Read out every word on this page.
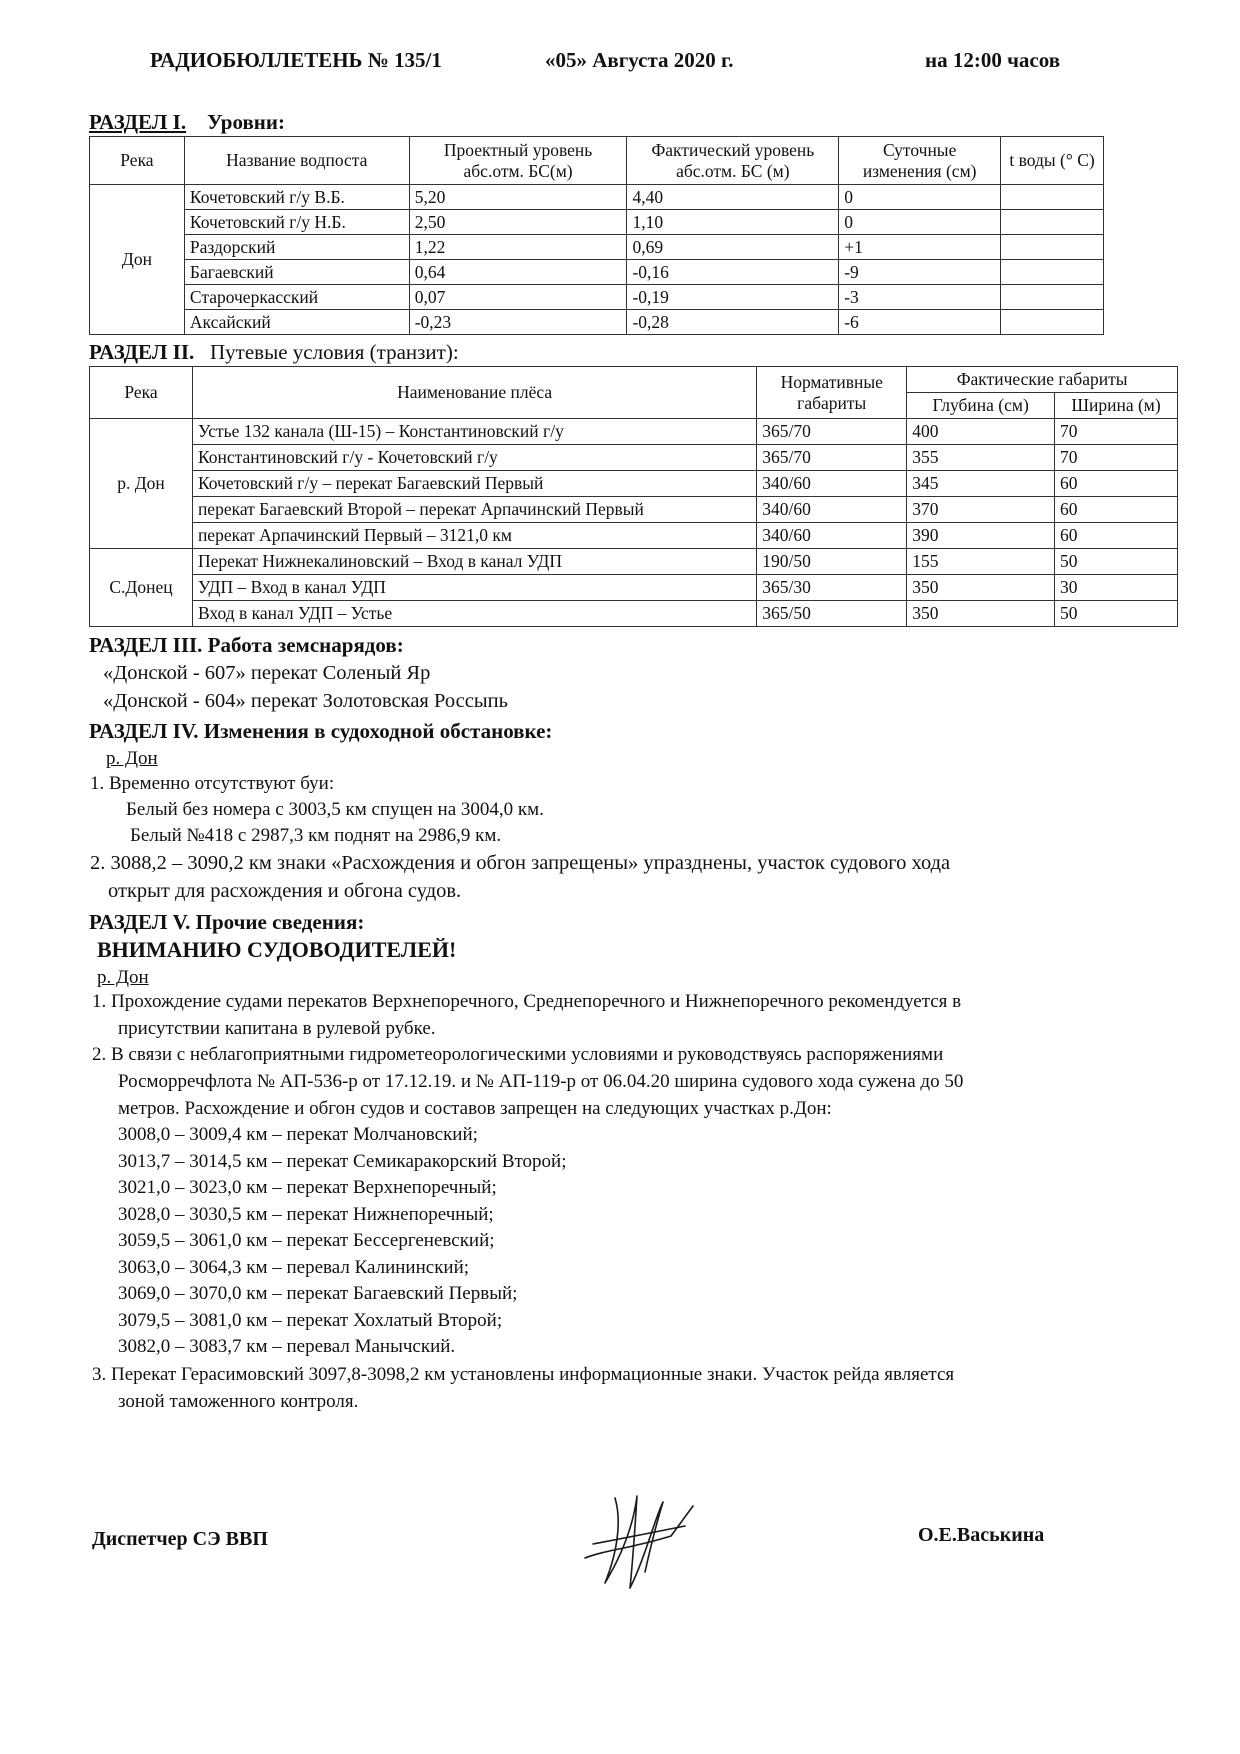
РАДИОБЮЛЛЕТЕНЬ № 135/1	«05» Августа 2020 г.	на 12:00 часов
РАЗДЕЛ I. Уровни:
Река	Название водпоста	Проектный уровень абс.отм. БС(м)	Фактический уровень абс.отм. БС (м)	Суточные изменения (см)	t воды (° С)
Дон	Кочетовский г/у В.Б.	5,20	4,40	0	
	Кочетовский г/у Н.Б.	2,50	1,10	0	
	Раздорский	1,22	0,69	+1	
	Багаевский	0,64	-0,16	-9	
	Старочеркасский	0,07	-0,19	-3	
	Аксайский	-0,23	-0,28	-6	
РАЗДЕЛ II. Путевые условия (транзит):
Река	Наименование плёса	Нормативные габариты	Фактические габариты	
			Глубина (см)	Ширина (м)
р. Дон	Устье 132 канала (Ш-15) – Константиновский г/у	365/70	400	70
	Константиновский г/у - Кочетовский г/у	365/70	355	70
	Кочетовский г/у – перекат Багаевский Первый	340/60	345	60
	перекат Багаевский Второй – перекат Арпачинский Первый	340/60	370	60
	перекат Арпачинский Первый – 3121,0 км	340/60	390	60
С.Донец	Перекат Нижнекалиновский – Вход в канал УДП	190/50	155	50
	УДП – Вход в канал УДП	365/30	350	30
	Вход в канал УДП – Устье	365/50	350	50
РАЗДЕЛ III. Работа земснарядов:
«Донской - 607» перекат Соленый Яр
«Донской - 604» перекат Золотовская Россыпь
РАЗДЕЛ IV. Изменения в судоходной обстановке:
р. Дон
1. Временно отсутствуют буи:
Белый без номера с 3003,5 км спущен на 3004,0 км.
Белый №418 с 2987,3 км поднят на 2986,9 км.
2. 3088,2 – 3090,2 км знаки «Расхождения и обгон запрещены» упразднены, участок судового хода
открыт для расхождения и обгона судов.
РАЗДЕЛ V. Прочие сведения:
ВНИМАНИЮ СУДОВОДИТЕЛЕЙ!
р. Дон
1. Прохождение судами перекатов Верхнепоречного, Среднепоречного и Нижнепоречного рекомендуется в
присутствии капитана в рулевой рубке.
2. В связи с неблагоприятными гидрометеорологическими условиями и руководствуясь распоряжениями
Росморречфлота № АП-536-р от 17.12.19. и № АП-119-р от 06.04.20 ширина судового хода сужена до 50
метров. Расхождение и обгон судов и составов запрещен на следующих участках р.Дон:
3008,0 – 3009,4 км – перекат Молчановский;
3013,7 – 3014,5 км – перекат Семикаракорский Второй;
3021,0 – 3023,0 км – перекат Верхнепоречный;
3028,0 – 3030,5 км – перекат Нижнепоречный;
3059,5 – 3061,0 км – перекат Бессергеневский;
3063,0 – 3064,3 км – перевал Калининский;
3069,0 – 3070,0 км – перекат Багаевский Первый;
3079,5 – 3081,0 км – перекат Хохлатый Второй;
3082,0 – 3083,7 км – перевал Манычский.
3. Перекат Герасимовский 3097,8-3098,2 км установлены информационные знаки. Участок рейда является
зоной таможенного контроля.
Диспетчер СЭ ВВП	О.Е.Васькина
